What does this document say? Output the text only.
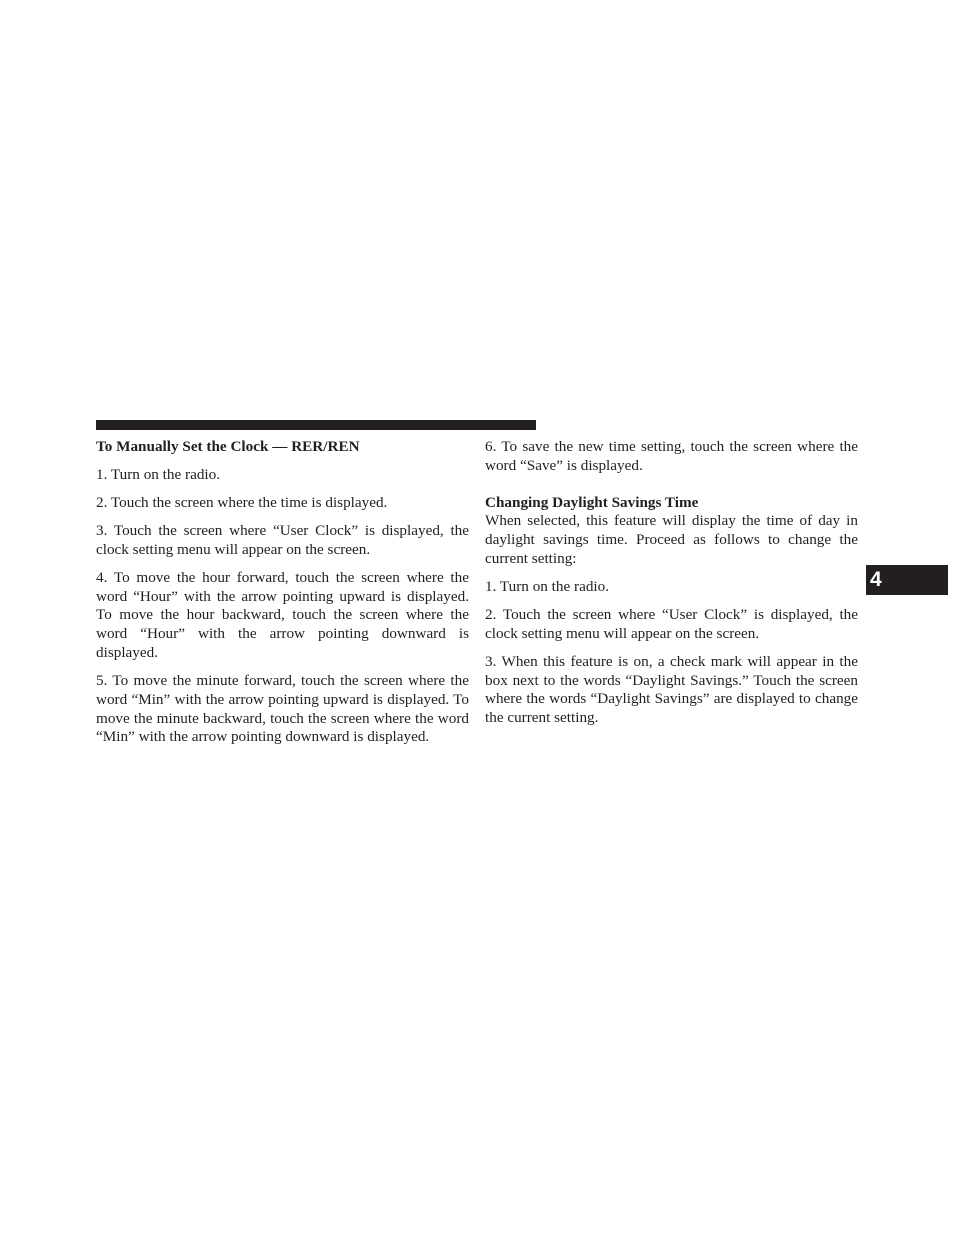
To Manually Set the Clock — RER/REN

1. Turn on the radio.

2. Touch the screen where the time is displayed.

3. Touch the screen where “User Clock” is displayed, the clock setting menu will appear on the screen.

4. To move the hour forward, touch the screen where the word “Hour” with the arrow pointing upward is displayed. To move the hour backward, touch the screen where the word “Hour” with the arrow pointing downward is displayed.

5. To move the minute forward, touch the screen where the word “Min” with the arrow pointing upward is displayed. To move the minute backward, touch the screen where the word “Min” with the arrow pointing downward is displayed.

6. To save the new time setting, touch the screen where the word “Save” is displayed.

Changing Daylight Savings Time

When selected, this feature will display the time of day in daylight savings time. Proceed as follows to change the current setting:

1. Turn on the radio.

2. Touch the screen where “User Clock” is displayed, the clock setting menu will appear on the screen.

3. When this feature is on, a check mark will appear in the box next to the words “Daylight Savings.” Touch the screen where the words “Daylight Savings” are displayed to change the current setting.

4
